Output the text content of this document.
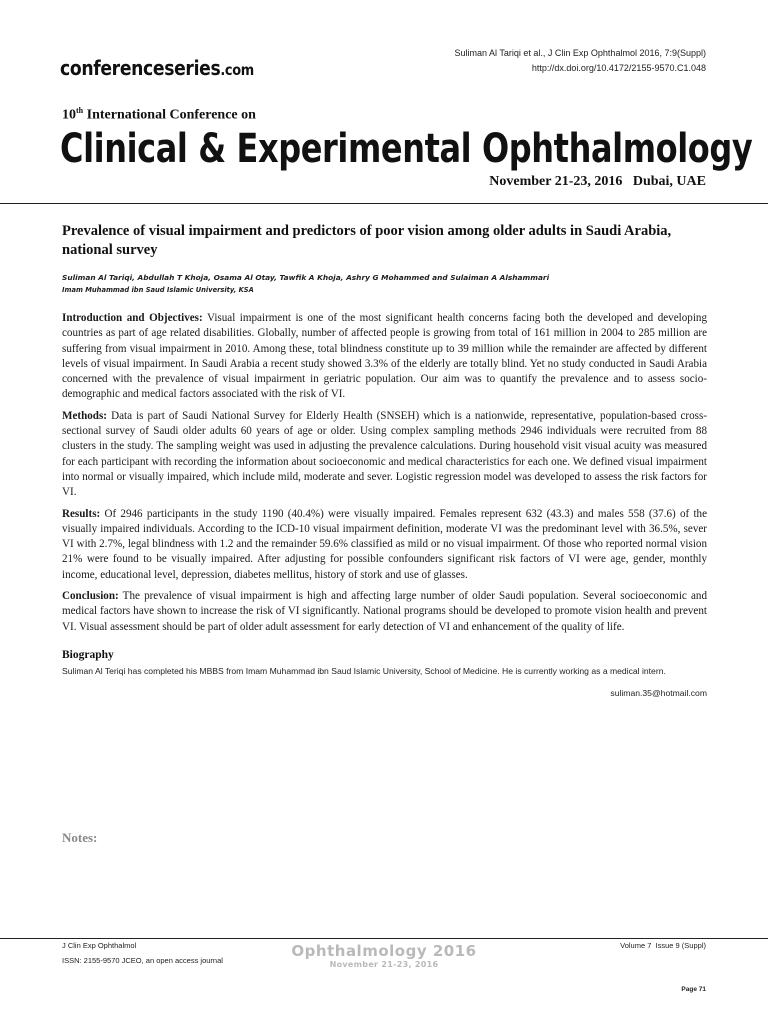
conferenceseries.com
Suliman Al Tariqi et al., J Clin Exp Ophthalmol 2016, 7:9(Suppl)
http://dx.doi.org/10.4172/2155-9570.C1.048
10th International Conference on
Clinical & Experimental Ophthalmology
November 21-23, 2016   Dubai, UAE
Prevalence of visual impairment and predictors of poor vision among older adults in Saudi Arabia, national survey
Suliman Al Tariqi, Abdullah T Khoja, Osama Al Otay, Tawfik A Khoja, Ashry G Mohammed and Sulaiman A Alshammari
Imam Muhammad ibn Saud Islamic University, KSA

Introduction and Objectives: Visual impairment is one of the most significant health concerns facing both the developed and developing countries as part of age related disabilities. Globally, number of affected people is growing from total of 161 million in 2004 to 285 million are suffering from visual impairment in 2010. Among these, total blindness constitute up to 39 million while the remainder are affected by different levels of visual impairment. In Saudi Arabia a recent study showed 3.3% of the elderly are totally blind. Yet no study conducted in Saudi Arabia concerned with the prevalence of visual impairment in geriatric population. Our aim was to quantify the prevalence and to assess socio-demographic and medical factors associated with the risk of VI.

Methods: Data is part of Saudi National Survey for Elderly Health (SNSEH) which is a nationwide, representative, population-based cross-sectional survey of Saudi older adults 60 years of age or older. Using complex sampling methods 2946 individuals were recruited from 88 clusters in the study. The sampling weight was used in adjusting the prevalence calculations. During household visit visual acuity was measured for each participant with recording the information about socioeconomic and medical characteristics for each one. We defined visual impairment into normal or visually impaired, which include mild, moderate and sever. Logistic regression model was developed to assess the risk factors for VI.

Results: Of 2946 participants in the study 1190 (40.4%) were visually impaired. Females represent 632 (43.3) and males 558 (37.6) of the visually impaired individuals. According to the ICD-10 visual impairment definition, moderate VI was the predominant level with 36.5%, sever VI with 2.7%, legal blindness with 1.2 and the remainder 59.6% classified as mild or no visual impairment. Of those who reported normal vision 21% were found to be visually impaired. After adjusting for possible confounders significant risk factors of VI were age, gender, monthly income, educational level, depression, diabetes mellitus, history of stork and use of glasses.

Conclusion: The prevalence of visual impairment is high and affecting large number of older Saudi population. Several socioeconomic and medical factors have shown to increase the risk of VI significantly. National programs should be developed to promote vision health and prevent VI. Visual assessment should be part of older adult assessment for early detection of VI and enhancement of the quality of life.

Biography
Suliman Al Teriqi has completed his MBBS from Imam Muhammad ibn Saud Islamic University, School of Medicine. He is currently working as a medical intern.
suliman.35@hotmail.com
Notes:
J Clin Exp Ophthalmol
ISSN: 2155-9570 JCEO, an open access journal
Ophthalmology 2016
November 21-23, 2016
Volume 7  Issue 9 (Suppl)
Page 71
